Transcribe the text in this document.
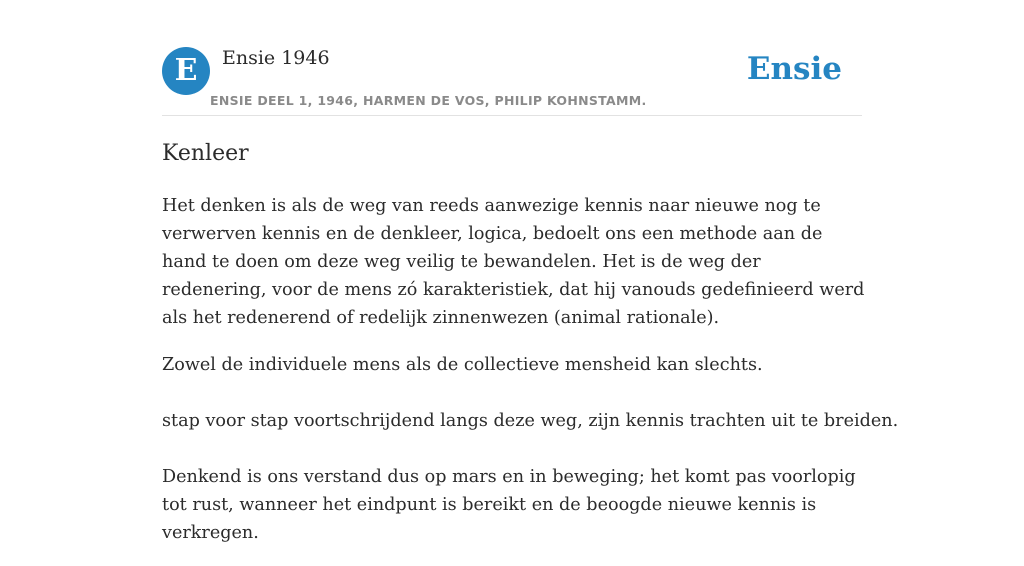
E	Ensie 1946
ENSIE DEEL 1, 1946, HARMEN DE VOS, PHILIP KOHNSTAMM.
Ensie
Kenleer

Het denken is als de weg van reeds aanwezige kennis naar nieuwe nog te verwerven kennis en de denkleer, logica, bedoelt ons een methode aan de hand te doen om deze weg veilig te bewandelen. Het is de weg der redenering, voor de mens zó karakteristiek, dat hij vanouds gedefinieerd werd als het redenerend of redelijk zinnenwezen (animal rationale).

Zowel de individuele mens als de collectieve mensheid kan slechts.

stap voor stap voortschrijdend langs deze weg, zijn kennis trachten uit te breiden.

Denkend is ons verstand dus op mars en in beweging; het komt pas voorlopig tot rust, wanneer het eindpunt is bereikt en de beoogde nieuwe kennis is verkregen.
